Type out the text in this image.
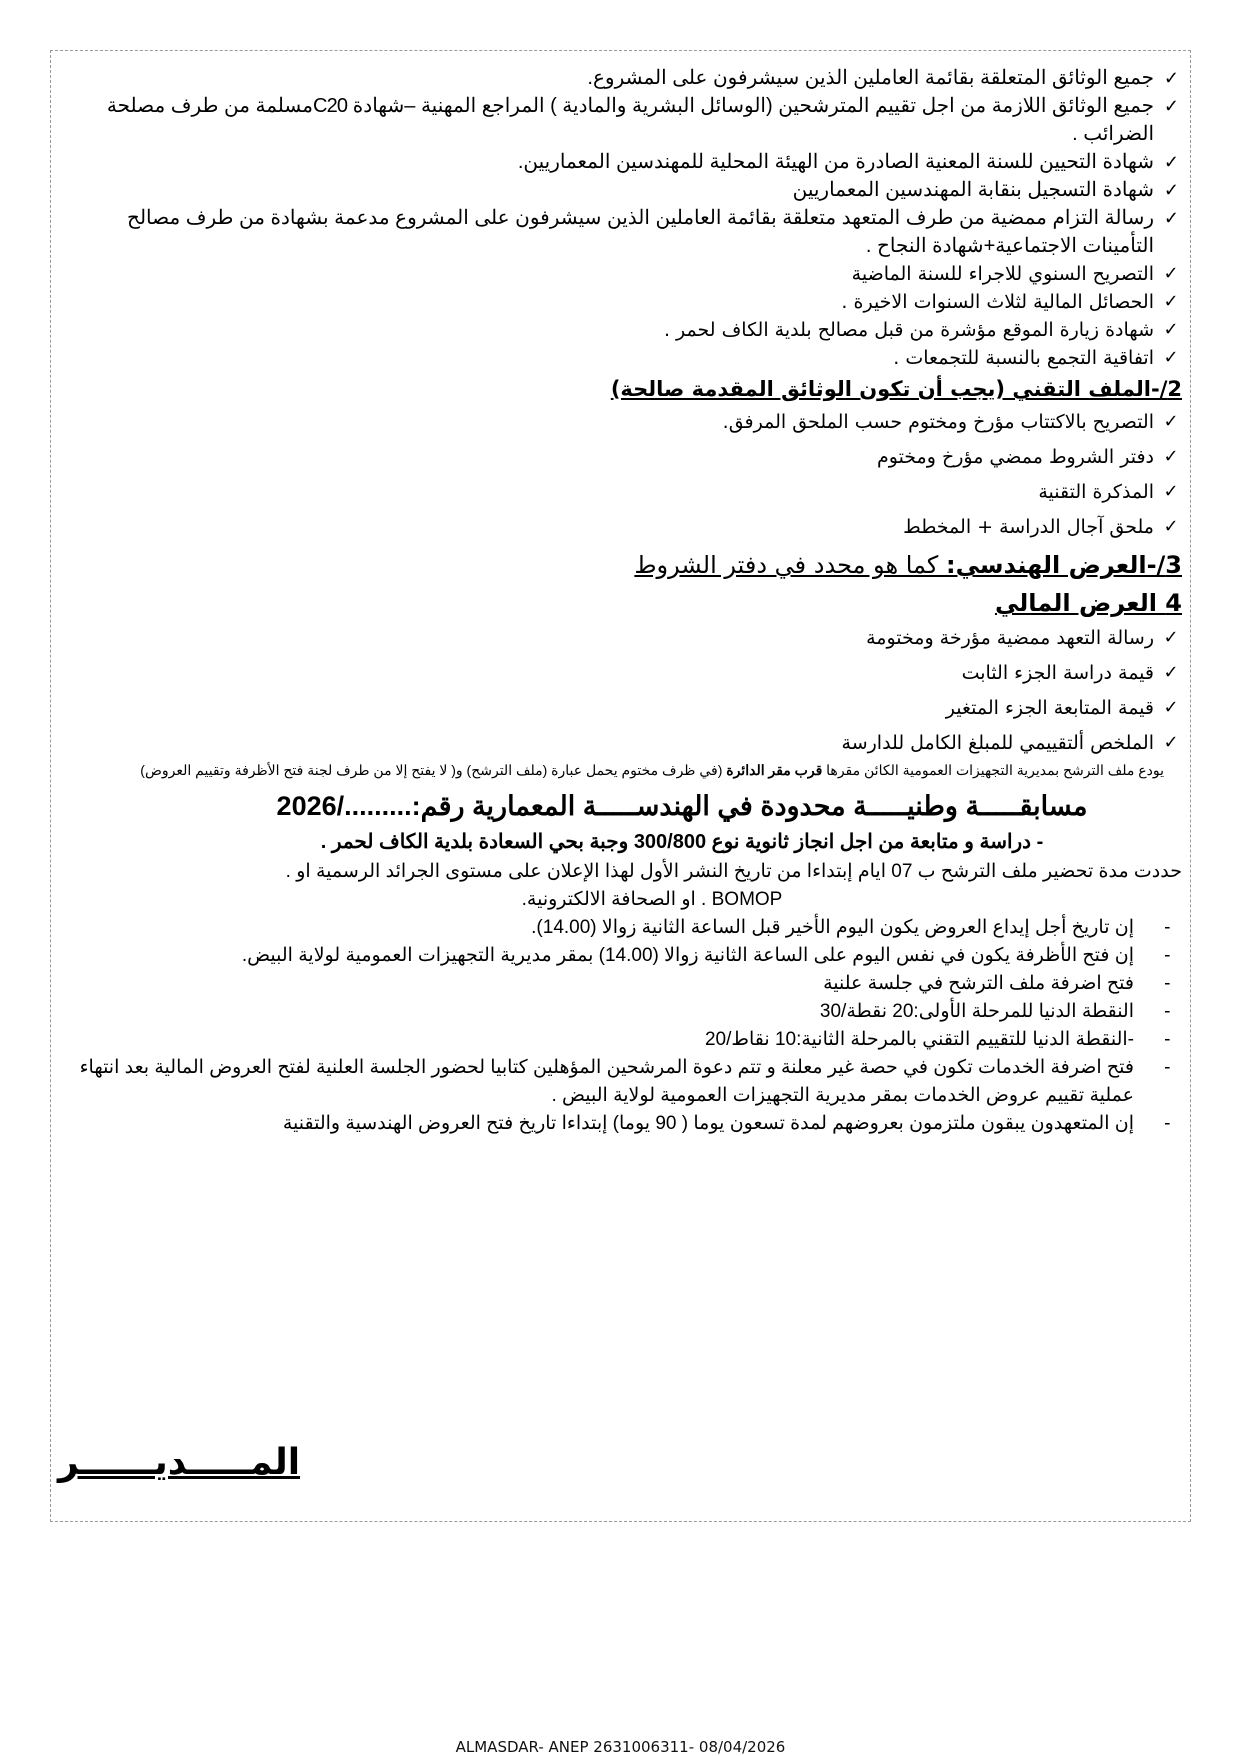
✓
جميع الوثائق المتعلقة بقائمة العاملين الذين سيشرفون على المشروع.

✓
جميع الوثائق اللازمة من اجل تقييم المترشحين (الوسائل البشرية والمادية ) المراجع المهنية –شهادة C20مسلمة من طرف مصلحة الضرائب .

✓
شهادة التحيين للسنة المعنية الصادرة من الهيئة المحلية للمهندسين المعماريين.

✓
شهادة التسجيل بنقابة المهندسين المعماريين

✓
رسالة التزام ممضية من طرف المتعهد متعلقة بقائمة العاملين الذين سيشرفون على المشروع مدعمة بشهادة من طرف مصالح التأمينات الاجتماعية+شهادة النجاح .

✓
التصريح السنوي للاجراء للسنة الماضية

✓
الحصائل المالية لثلاث السنوات الاخيرة .

✓
شهادة زيارة الموقع مؤشرة من قبل مصالح بلدية الكاف لحمر .

✓
اتفاقية التجمع بالنسبة للتجمعات .

2/-الملف التقني (يجب أن تكون الوثائق المقدمة صالحة)

✓
التصريح بالاكتتاب مؤرخ ومختوم حسب الملحق المرفق.

✓
دفتر الشروط ممضي مؤرخ ومختوم

✓
المذكرة التقنية

✓
ملحق آجال الدراسة + المخطط

3/-العرض الهندسي: كما هو محدد في دفتر الشروط
4 العرض المالي

✓
رسالة التعهد ممضية مؤرخة ومختومة

✓
قيمة دراسة الجزء الثابت

✓
قيمة المتابعة الجزء المتغير

✓
الملخص ألتقييمي للمبلغ الكامل للدارسة

يودع ملف الترشح بمديرية التجهيزات العمومية الكائن مقرها قرب مقر الدائرة (في ظرف مختوم يحمل عبارة (ملف الترشح) و( لا يفتح إلا من طرف لجنة فتح الأظرفة وتقييم العروض)
مسابقـــــة وطنيـــــة محدودة في الهندســـــة المعمارية رقم:........./2026
- دراسة و متابعة من اجل انجاز ثانوية نوع 300/800 وجبة بحي السعادة بلدية الكاف لحمر .
حددت مدة تحضير ملف الترشح ب 07 ايام إبتداءا من تاريخ النشر الأول لهذا الإعلان على مستوى الجرائد الرسمية او .
BOMOP . او الصحافة الالكترونية.

-
إن تاريخ أجل إيداع العروض يكون اليوم الأخير قبل الساعة الثانية زوالا (14.00).

-
إن فتح الأظرفة يكون في نفس اليوم على الساعة الثانية زوالا (14.00) بمقر مديرية التجهيزات العمومية لولاية البيض.

-
فتح اضرفة ملف الترشح في جلسة علنية

-
النقطة الدنيا للمرحلة الأولى:20 نقطة/30

-
-النقطة الدنيا للتقييم التقني بالمرحلة الثانية:10 نقاط/20

-
فتح اضرفة الخدمات تكون في حصة غير معلنة و تتم دعوة المرشحين المؤهلين كتابيا لحضور الجلسة العلنية لفتح العروض المالية بعد انتهاء عملية تقييم عروض الخدمات بمقر مديرية التجهيزات العمومية لولاية البيض .

-
إن المتعهدون يبقون ملتزمون بعروضهم لمدة تسعون يوما ( 90 يوما) إبتداءا تاريخ فتح العروض الهندسية والتقنية

المـــــديــــــر
ALMASDAR- ANEP 2631006311- 08/04/2026
